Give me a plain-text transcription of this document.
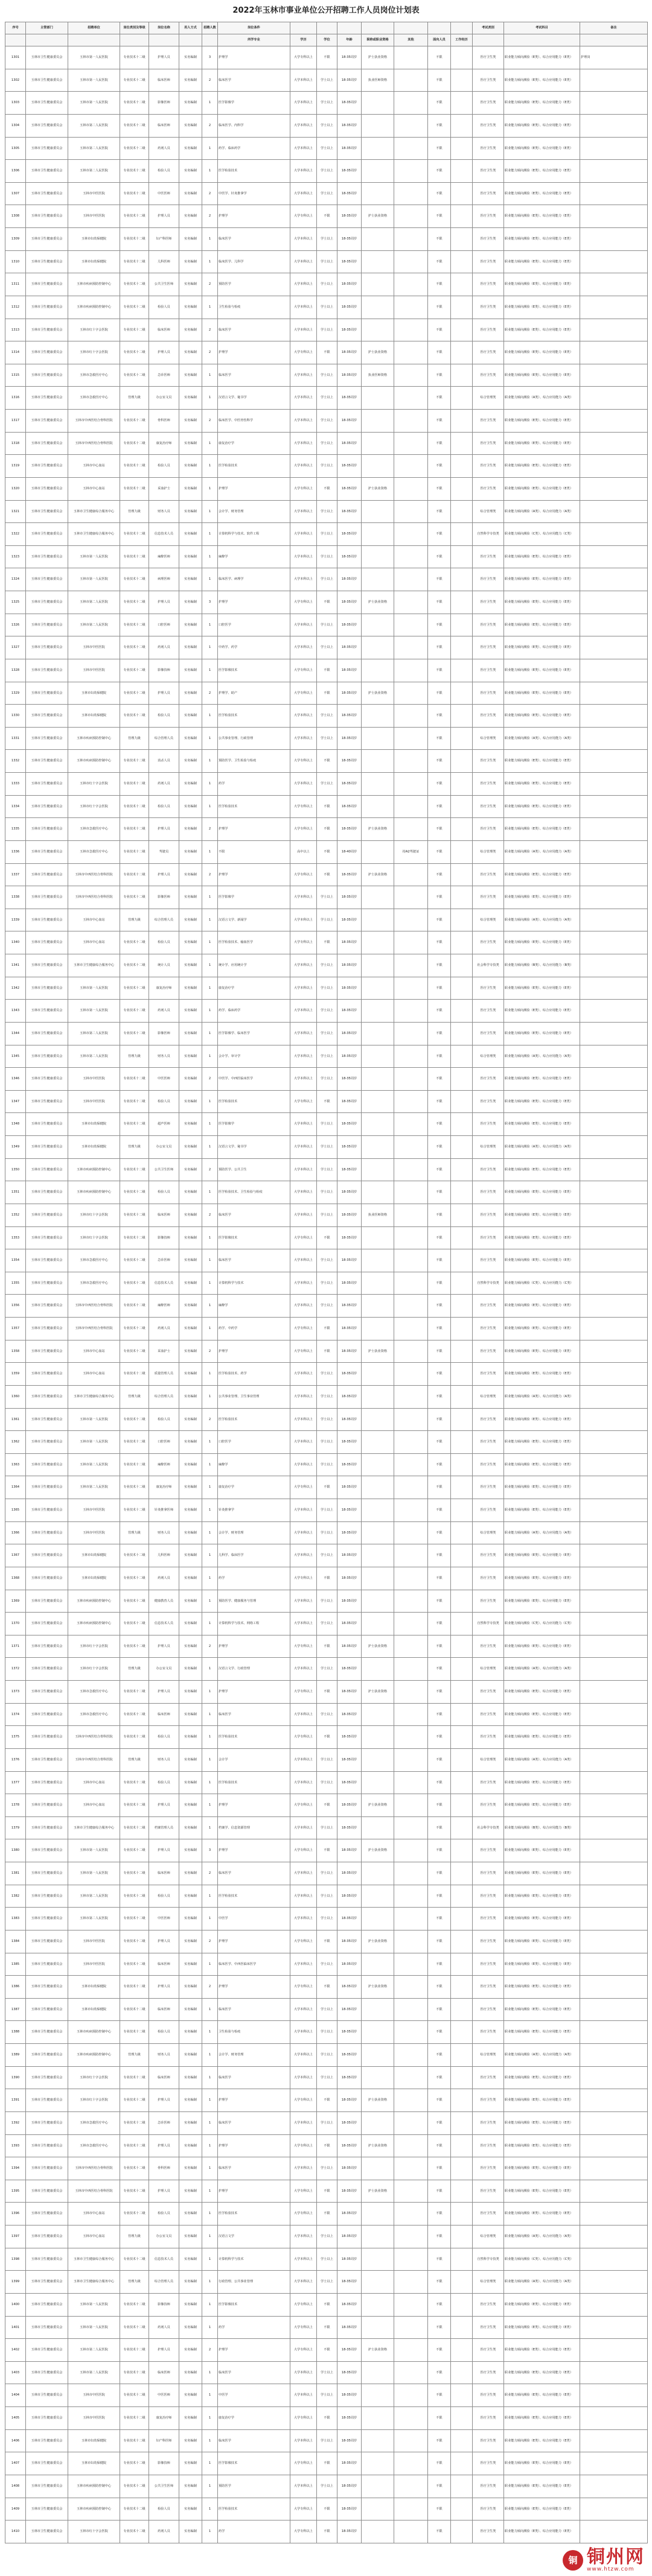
2022年玉林市事业单位公开招聘工作人员岗位计划表
序号	主管部门	招聘单位	岗位类别及等级	岗位名称	用人方式	招聘人数	岗位条件								考试类别	考试科目	备注
							所学专业	学历	学位	年龄	职称或职业资格	其他	面向人员	工作经历			
1301	玉林市卫生健康委员会	玉林市第一人民医院	专业技术十二级	护理人员	实名编制	3	护理学	大学专科以上	不限	18-35周岁	护士执业资格		不限		医疗卫生类	职业能力倾向测验（E类）、综合应用能力（E类）	护理岗
1302	玉林市卫生健康委员会	玉林市第一人民医院	专业技术十二级	临床医师	实名编制	2	临床医学	大学本科以上	学士以上	18-35周岁	执业医师资格		不限		医疗卫生类	职业能力倾向测验（E类）、综合应用能力（E类）	
1303	玉林市卫生健康委员会	玉林市第一人民医院	专业技术十二级	影像医师	实名编制	1	医学影像学	大学本科以上	学士以上	18-35周岁			不限		医疗卫生类	职业能力倾向测验（E类）、综合应用能力（E类）	
1304	玉林市卫生健康委员会	玉林市第二人民医院	专业技术十二级	临床医师	实名编制	2	临床医学、内科学	大学本科以上	学士以上	18-35周岁			不限		医疗卫生类	职业能力倾向测验（E类）、综合应用能力（E类）	
1305	玉林市卫生健康委员会	玉林市第二人民医院	专业技术十二级	药剂人员	实名编制	1	药学、临床药学	大学本科以上	学士以上	18-35周岁			不限		医疗卫生类	职业能力倾向测验（E类）、综合应用能力（E类）	
1306	玉林市卫生健康委员会	玉林市第二人民医院	专业技术十二级	检验人员	实名编制	1	医学检验技术	大学本科以上	学士以上	18-35周岁			不限		医疗卫生类	职业能力倾向测验（E类）、综合应用能力（E类）	
1307	玉林市卫生健康委员会	玉林市中医医院	专业技术十二级	中医医师	实名编制	2	中医学、针灸推拿学	大学本科以上	学士以上	18-35周岁			不限		医疗卫生类	职业能力倾向测验（E类）、综合应用能力（E类）	
1308	玉林市卫生健康委员会	玉林市中医医院	专业技术十二级	护理人员	实名编制	2	护理学	大学专科以上	不限	18-35周岁	护士执业资格		不限		医疗卫生类	职业能力倾向测验（E类）、综合应用能力（E类）	
1309	玉林市卫生健康委员会	玉林市妇幼保健院	专业技术十二级	妇产科医师	实名编制	1	临床医学	大学本科以上	学士以上	18-35周岁			不限		医疗卫生类	职业能力倾向测验（E类）、综合应用能力（E类）	
1310	玉林市卫生健康委员会	玉林市妇幼保健院	专业技术十二级	儿科医师	实名编制	1	临床医学、儿科学	大学本科以上	学士以上	18-35周岁			不限		医疗卫生类	职业能力倾向测验（E类）、综合应用能力（E类）	
1311	玉林市卫生健康委员会	玉林市疾病预防控制中心	专业技术十二级	公共卫生医师	实名编制	2	预防医学	大学本科以上	学士以上	18-35周岁			不限		医疗卫生类	职业能力倾向测验（E类）、综合应用能力（E类）	
1312	玉林市卫生健康委员会	玉林市疾病预防控制中心	专业技术十二级	检验人员	实名编制	1	卫生检验与检疫	大学本科以上	学士以上	18-35周岁			不限		医疗卫生类	职业能力倾向测验（E类）、综合应用能力（E类）	
1313	玉林市卫生健康委员会	玉林市红十字会医院	专业技术十二级	临床医师	实名编制	2	临床医学	大学本科以上	学士以上	18-35周岁			不限		医疗卫生类	职业能力倾向测验（E类）、综合应用能力（E类）	
1314	玉林市卫生健康委员会	玉林市红十字会医院	专业技术十二级	护理人员	实名编制	2	护理学	大学专科以上	不限	18-35周岁	护士执业资格		不限		医疗卫生类	职业能力倾向测验（E类）、综合应用能力（E类）	
1315	玉林市卫生健康委员会	玉林市急救医疗中心	专业技术十二级	急诊医师	实名编制	1	临床医学	大学本科以上	学士以上	18-35周岁	执业医师资格		不限		医疗卫生类	职业能力倾向测验（E类）、综合应用能力（E类）	
1316	玉林市卫生健康委员会	玉林市急救医疗中心	管理九级	办公室文员	实名编制	1	汉语言文学、秘书学	大学本科以上	学士以上	18-35周岁			不限		综合管理类	职业能力倾向测验（A类）、综合应用能力（A类）	
1317	玉林市卫生健康委员会	玉林市中西医结合骨科医院	专业技术十二级	骨科医师	实名编制	2	临床医学、中医骨伤科学	大学本科以上	学士以上	18-35周岁			不限		医疗卫生类	职业能力倾向测验（E类）、综合应用能力（E类）	
1318	玉林市卫生健康委员会	玉林市中西医结合骨科医院	专业技术十二级	康复治疗师	实名编制	1	康复治疗学	大学本科以上	学士以上	18-35周岁			不限		医疗卫生类	职业能力倾向测验（E类）、综合应用能力（E类）	
1319	玉林市卫生健康委员会	玉林市中心血站	专业技术十二级	检验人员	实名编制	1	医学检验技术	大学本科以上	学士以上	18-35周岁			不限		医疗卫生类	职业能力倾向测验（E类）、综合应用能力（E类）	
1320	玉林市卫生健康委员会	玉林市中心血站	专业技术十二级	采血护士	实名编制	1	护理学	大学专科以上	不限	18-35周岁	护士执业资格		不限		医疗卫生类	职业能力倾向测验（E类）、综合应用能力（E类）	
1321	玉林市卫生健康委员会	玉林市卫生健康综合服务中心	管理九级	财务人员	实名编制	1	会计学、财务管理	大学本科以上	学士以上	18-35周岁			不限		综合管理类	职业能力倾向测验（A类）、综合应用能力（A类）	
1322	玉林市卫生健康委员会	玉林市卫生健康综合服务中心	专业技术十二级	信息技术人员	实名编制	1	计算机科学与技术、软件工程	大学本科以上	学士以上	18-35周岁			不限		自然科学专技类	职业能力倾向测验（C类）、综合应用能力（C类）	
1323	玉林市卫生健康委员会	玉林市第一人民医院	专业技术十二级	麻醉医师	实名编制	1	麻醉学	大学本科以上	学士以上	18-35周岁			不限		医疗卫生类	职业能力倾向测验（E类）、综合应用能力（E类）	
1324	玉林市卫生健康委员会	玉林市第一人民医院	专业技术十二级	病理医师	实名编制	1	临床医学、病理学	大学本科以上	学士以上	18-35周岁			不限		医疗卫生类	职业能力倾向测验（E类）、综合应用能力（E类）	
1325	玉林市卫生健康委员会	玉林市第二人民医院	专业技术十二级	护理人员	实名编制	3	护理学	大学专科以上	不限	18-35周岁	护士执业资格		不限		医疗卫生类	职业能力倾向测验（E类）、综合应用能力（E类）	
1326	玉林市卫生健康委员会	玉林市第二人民医院	专业技术十二级	口腔医师	实名编制	1	口腔医学	大学本科以上	学士以上	18-35周岁			不限		医疗卫生类	职业能力倾向测验（E类）、综合应用能力（E类）	
1327	玉林市卫生健康委员会	玉林市中医医院	专业技术十二级	药剂人员	实名编制	1	中药学、药学	大学本科以上	学士以上	18-35周岁			不限		医疗卫生类	职业能力倾向测验（E类）、综合应用能力（E类）	
1328	玉林市卫生健康委员会	玉林市中医医院	专业技术十二级	影像技师	实名编制	1	医学影像技术	大学专科以上	不限	18-35周岁			不限		医疗卫生类	职业能力倾向测验（E类）、综合应用能力（E类）	
1329	玉林市卫生健康委员会	玉林市妇幼保健院	专业技术十二级	护理人员	实名编制	2	护理学、助产	大学专科以上	不限	18-35周岁	护士执业资格		不限		医疗卫生类	职业能力倾向测验（E类）、综合应用能力（E类）	
1330	玉林市卫生健康委员会	玉林市妇幼保健院	专业技术十二级	检验人员	实名编制	1	医学检验技术	大学本科以上	学士以上	18-35周岁			不限		医疗卫生类	职业能力倾向测验（E类）、综合应用能力（E类）	
1331	玉林市卫生健康委员会	玉林市疾病预防控制中心	管理九级	综合管理人员	实名编制	1	公共事业管理、行政管理	大学本科以上	学士以上	18-35周岁			不限		综合管理类	职业能力倾向测验（A类）、综合应用能力（A类）	
1332	玉林市卫生健康委员会	玉林市疾病预防控制中心	专业技术十二级	消杀人员	实名编制	1	预防医学、卫生检验与检疫	大学专科以上	不限	18-35周岁			不限		医疗卫生类	职业能力倾向测验（E类）、综合应用能力（E类）	
1333	玉林市卫生健康委员会	玉林市红十字会医院	专业技术十二级	药剂人员	实名编制	1	药学	大学本科以上	学士以上	18-35周岁			不限		医疗卫生类	职业能力倾向测验（E类）、综合应用能力（E类）	
1334	玉林市卫生健康委员会	玉林市红十字会医院	专业技术十二级	检验人员	实名编制	1	医学检验技术	大学专科以上	不限	18-35周岁			不限		医疗卫生类	职业能力倾向测验（E类）、综合应用能力（E类）	
1335	玉林市卫生健康委员会	玉林市急救医疗中心	专业技术十二级	护理人员	实名编制	2	护理学	大学专科以上	不限	18-35周岁	护士执业资格		不限		医疗卫生类	职业能力倾向测验（E类）、综合应用能力（E类）	
1336	玉林市卫生健康委员会	玉林市急救医疗中心	专业技术十二级	驾驶员	实名编制	1	不限	高中以上	不限	18-40周岁		持A2驾驶证	不限		综合管理类	职业能力倾向测验（A类）、综合应用能力（A类）	
1337	玉林市卫生健康委员会	玉林市中西医结合骨科医院	专业技术十二级	护理人员	实名编制	2	护理学	大学专科以上	不限	18-35周岁	护士执业资格		不限		医疗卫生类	职业能力倾向测验（E类）、综合应用能力（E类）	
1338	玉林市卫生健康委员会	玉林市中西医结合骨科医院	专业技术十二级	影像医师	实名编制	1	医学影像学	大学本科以上	学士以上	18-35周岁			不限		医疗卫生类	职业能力倾向测验（E类）、综合应用能力（E类）	
1339	玉林市卫生健康委员会	玉林市中心血站	管理九级	综合管理人员	实名编制	1	汉语言文学、新闻学	大学本科以上	学士以上	18-35周岁			不限		综合管理类	职业能力倾向测验（A类）、综合应用能力（A类）	
1340	玉林市卫生健康委员会	玉林市中心血站	专业技术十二级	检验人员	实名编制	1	医学检验技术、输血医学	大学专科以上	不限	18-35周岁			不限		医疗卫生类	职业能力倾向测验（E类）、综合应用能力（E类）	
1341	玉林市卫生健康委员会	玉林市卫生健康综合服务中心	专业技术十二级	统计人员	实名编制	1	统计学、应用统计学	大学本科以上	学士以上	18-35周岁			不限		社会科学专技类	职业能力倾向测验（B类）、综合应用能力（B类）	
1342	玉林市卫生健康委员会	玉林市第一人民医院	专业技术十二级	康复治疗师	实名编制	1	康复治疗学	大学本科以上	学士以上	18-35周岁			不限		医疗卫生类	职业能力倾向测验（E类）、综合应用能力（E类）	
1343	玉林市卫生健康委员会	玉林市第一人民医院	专业技术十二级	药剂人员	实名编制	1	药学、临床药学	大学本科以上	学士以上	18-35周岁			不限		医疗卫生类	职业能力倾向测验（E类）、综合应用能力（E类）	
1344	玉林市卫生健康委员会	玉林市第二人民医院	专业技术十二级	影像医师	实名编制	1	医学影像学、临床医学	大学本科以上	学士以上	18-35周岁			不限		医疗卫生类	职业能力倾向测验（E类）、综合应用能力（E类）	
1345	玉林市卫生健康委员会	玉林市第二人民医院	管理九级	财务人员	实名编制	1	会计学、审计学	大学本科以上	学士以上	18-35周岁			不限		综合管理类	职业能力倾向测验（A类）、综合应用能力（A类）	
1346	玉林市卫生健康委员会	玉林市中医医院	专业技术十二级	中医医师	实名编制	2	中医学、中西医临床医学	大学本科以上	学士以上	18-35周岁			不限		医疗卫生类	职业能力倾向测验（E类）、综合应用能力（E类）	
1347	玉林市卫生健康委员会	玉林市中医医院	专业技术十二级	检验人员	实名编制	1	医学检验技术	大学专科以上	不限	18-35周岁			不限		医疗卫生类	职业能力倾向测验（E类）、综合应用能力（E类）	
1348	玉林市卫生健康委员会	玉林市妇幼保健院	专业技术十二级	超声医师	实名编制	1	医学影像学	大学本科以上	学士以上	18-35周岁			不限		医疗卫生类	职业能力倾向测验（E类）、综合应用能力（E类）	
1349	玉林市卫生健康委员会	玉林市妇幼保健院	管理九级	办公室文员	实名编制	1	汉语言文学、秘书学	大学本科以上	学士以上	18-35周岁			不限		综合管理类	职业能力倾向测验（A类）、综合应用能力（A类）	
1350	玉林市卫生健康委员会	玉林市疾病预防控制中心	专业技术十二级	公共卫生医师	实名编制	2	预防医学、公共卫生	大学本科以上	学士以上	18-35周岁			不限		医疗卫生类	职业能力倾向测验（E类）、综合应用能力（E类）	
1351	玉林市卫生健康委员会	玉林市疾病预防控制中心	专业技术十二级	检验人员	实名编制	1	医学检验技术、卫生检验与检疫	大学本科以上	学士以上	18-35周岁			不限		医疗卫生类	职业能力倾向测验（E类）、综合应用能力（E类）	
1352	玉林市卫生健康委员会	玉林市红十字会医院	专业技术十二级	临床医师	实名编制	2	临床医学	大学本科以上	学士以上	18-35周岁	执业医师资格		不限		医疗卫生类	职业能力倾向测验（E类）、综合应用能力（E类）	
1353	玉林市卫生健康委员会	玉林市红十字会医院	专业技术十二级	影像技师	实名编制	1	医学影像技术	大学专科以上	不限	18-35周岁			不限		医疗卫生类	职业能力倾向测验（E类）、综合应用能力（E类）	
1354	玉林市卫生健康委员会	玉林市急救医疗中心	专业技术十二级	急诊医师	实名编制	1	临床医学	大学本科以上	学士以上	18-35周岁			不限		医疗卫生类	职业能力倾向测验（E类）、综合应用能力（E类）	
1355	玉林市卫生健康委员会	玉林市急救医疗中心	专业技术十二级	信息技术人员	实名编制	1	计算机科学与技术	大学本科以上	学士以上	18-35周岁			不限		自然科学专技类	职业能力倾向测验（C类）、综合应用能力（C类）	
1356	玉林市卫生健康委员会	玉林市中西医结合骨科医院	专业技术十二级	麻醉医师	实名编制	1	麻醉学	大学本科以上	学士以上	18-35周岁			不限		医疗卫生类	职业能力倾向测验（E类）、综合应用能力（E类）	
1357	玉林市卫生健康委员会	玉林市中西医结合骨科医院	专业技术十二级	药剂人员	实名编制	1	药学、中药学	大学专科以上	不限	18-35周岁			不限		医疗卫生类	职业能力倾向测验（E类）、综合应用能力（E类）	
1358	玉林市卫生健康委员会	玉林市中心血站	专业技术十二级	采血护士	实名编制	2	护理学	大学专科以上	不限	18-35周岁	护士执业资格		不限		医疗卫生类	职业能力倾向测验（E类）、综合应用能力（E类）	
1359	玉林市卫生健康委员会	玉林市中心血站	专业技术十二级	质量管理人员	实名编制	1	医学检验技术、药学	大学本科以上	学士以上	18-35周岁			不限		医疗卫生类	职业能力倾向测验（E类）、综合应用能力（E类）	
1360	玉林市卫生健康委员会	玉林市卫生健康综合服务中心	管理九级	综合管理人员	实名编制	1	公共事业管理、卫生事业管理	大学本科以上	学士以上	18-35周岁			不限		综合管理类	职业能力倾向测验（A类）、综合应用能力（A类）	
1361	玉林市卫生健康委员会	玉林市第一人民医院	专业技术十二级	检验人员	实名编制	2	医学检验技术	大学本科以上	学士以上	18-35周岁			不限		医疗卫生类	职业能力倾向测验（E类）、综合应用能力（E类）	
1362	玉林市卫生健康委员会	玉林市第一人民医院	专业技术十二级	口腔医师	实名编制	1	口腔医学	大学本科以上	学士以上	18-35周岁			不限		医疗卫生类	职业能力倾向测验（E类）、综合应用能力（E类）	
1363	玉林市卫生健康委员会	玉林市第二人民医院	专业技术十二级	麻醉医师	实名编制	1	麻醉学	大学本科以上	学士以上	18-35周岁			不限		医疗卫生类	职业能力倾向测验（E类）、综合应用能力（E类）	
1364	玉林市卫生健康委员会	玉林市第二人民医院	专业技术十二级	康复治疗师	实名编制	1	康复治疗学	大学专科以上	不限	18-35周岁			不限		医疗卫生类	职业能力倾向测验（E类）、综合应用能力（E类）	
1365	玉林市卫生健康委员会	玉林市中医医院	专业技术十二级	针灸推拿医师	实名编制	1	针灸推拿学	大学本科以上	学士以上	18-35周岁			不限		医疗卫生类	职业能力倾向测验（E类）、综合应用能力（E类）	
1366	玉林市卫生健康委员会	玉林市中医医院	管理九级	财务人员	实名编制	1	会计学、财务管理	大学本科以上	学士以上	18-35周岁			不限		综合管理类	职业能力倾向测验（A类）、综合应用能力（A类）	
1367	玉林市卫生健康委员会	玉林市妇幼保健院	专业技术十二级	儿科医师	实名编制	1	儿科学、临床医学	大学本科以上	学士以上	18-35周岁			不限		医疗卫生类	职业能力倾向测验（E类）、综合应用能力（E类）	
1368	玉林市卫生健康委员会	玉林市妇幼保健院	专业技术十二级	药剂人员	实名编制	1	药学	大学专科以上	不限	18-35周岁			不限		医疗卫生类	职业能力倾向测验（E类）、综合应用能力（E类）	
1369	玉林市卫生健康委员会	玉林市疾病预防控制中心	专业技术十二级	健康教育人员	实名编制	1	预防医学、健康服务与管理	大学本科以上	学士以上	18-35周岁			不限		医疗卫生类	职业能力倾向测验（E类）、综合应用能力（E类）	
1370	玉林市卫生健康委员会	玉林市疾病预防控制中心	专业技术十二级	信息技术人员	实名编制	1	计算机科学与技术、网络工程	大学本科以上	学士以上	18-35周岁			不限		自然科学专技类	职业能力倾向测验（C类）、综合应用能力（C类）	
1371	玉林市卫生健康委员会	玉林市红十字会医院	专业技术十二级	护理人员	实名编制	2	护理学	大学专科以上	不限	18-35周岁	护士执业资格		不限		医疗卫生类	职业能力倾向测验（E类）、综合应用能力（E类）	
1372	玉林市卫生健康委员会	玉林市红十字会医院	管理九级	办公室文员	实名编制	1	汉语言文学、行政管理	大学本科以上	学士以上	18-35周岁			不限		综合管理类	职业能力倾向测验（A类）、综合应用能力（A类）	
1373	玉林市卫生健康委员会	玉林市急救医疗中心	专业技术十二级	护理人员	实名编制	1	护理学	大学专科以上	不限	18-35周岁	护士执业资格		不限		医疗卫生类	职业能力倾向测验（E类）、综合应用能力（E类）	
1374	玉林市卫生健康委员会	玉林市急救医疗中心	专业技术十二级	临床医师	实名编制	1	临床医学	大学本科以上	学士以上	18-35周岁			不限		医疗卫生类	职业能力倾向测验（E类）、综合应用能力（E类）	
1375	玉林市卫生健康委员会	玉林市中西医结合骨科医院	专业技术十二级	检验人员	实名编制	1	医学检验技术	大学专科以上	不限	18-35周岁			不限		医疗卫生类	职业能力倾向测验（E类）、综合应用能力（E类）	
1376	玉林市卫生健康委员会	玉林市中西医结合骨科医院	管理九级	财务人员	实名编制	1	会计学	大学本科以上	学士以上	18-35周岁			不限		综合管理类	职业能力倾向测验（A类）、综合应用能力（A类）	
1377	玉林市卫生健康委员会	玉林市中心血站	专业技术十二级	检验人员	实名编制	1	医学检验技术	大学本科以上	学士以上	18-35周岁			不限		医疗卫生类	职业能力倾向测验（E类）、综合应用能力（E类）	
1378	玉林市卫生健康委员会	玉林市中心血站	专业技术十二级	护理人员	实名编制	1	护理学	大学专科以上	不限	18-35周岁	护士执业资格		不限		医疗卫生类	职业能力倾向测验（E类）、综合应用能力（E类）	
1379	玉林市卫生健康委员会	玉林市卫生健康综合服务中心	专业技术十二级	档案管理人员	实名编制	1	档案学、信息资源管理	大学本科以上	学士以上	18-35周岁			不限		社会科学专技类	职业能力倾向测验（B类）、综合应用能力（B类）	
1380	玉林市卫生健康委员会	玉林市第一人民医院	专业技术十二级	护理人员	实名编制	3	护理学	大学专科以上	不限	18-35周岁	护士执业资格		不限		医疗卫生类	职业能力倾向测验（E类）、综合应用能力（E类）	
1381	玉林市卫生健康委员会	玉林市第一人民医院	专业技术十二级	临床医师	实名编制	2	临床医学	大学本科以上	学士以上	18-35周岁			不限		医疗卫生类	职业能力倾向测验（E类）、综合应用能力（E类）	
1382	玉林市卫生健康委员会	玉林市第二人民医院	专业技术十二级	检验人员	实名编制	1	医学检验技术	大学本科以上	学士以上	18-35周岁			不限		医疗卫生类	职业能力倾向测验（E类）、综合应用能力（E类）	
1383	玉林市卫生健康委员会	玉林市第二人民医院	专业技术十二级	中医医师	实名编制	1	中医学	大学本科以上	学士以上	18-35周岁			不限		医疗卫生类	职业能力倾向测验（E类）、综合应用能力（E类）	
1384	玉林市卫生健康委员会	玉林市中医医院	专业技术十二级	护理人员	实名编制	2	护理学	大学专科以上	不限	18-35周岁	护士执业资格		不限		医疗卫生类	职业能力倾向测验（E类）、综合应用能力（E类）	
1385	玉林市卫生健康委员会	玉林市中医医院	专业技术十二级	临床医师	实名编制	1	临床医学、中西医临床医学	大学本科以上	学士以上	18-35周岁			不限		医疗卫生类	职业能力倾向测验（E类）、综合应用能力（E类）	
1386	玉林市卫生健康委员会	玉林市妇幼保健院	专业技术十二级	护理人员	实名编制	2	护理学	大学专科以上	不限	18-35周岁	护士执业资格		不限		医疗卫生类	职业能力倾向测验（E类）、综合应用能力（E类）	
1387	玉林市卫生健康委员会	玉林市妇幼保健院	专业技术十二级	临床医师	实名编制	1	临床医学	大学本科以上	学士以上	18-35周岁			不限		医疗卫生类	职业能力倾向测验（E类）、综合应用能力（E类）	
1388	玉林市卫生健康委员会	玉林市疾病预防控制中心	专业技术十二级	检验人员	实名编制	1	卫生检验与检疫	大学本科以上	学士以上	18-35周岁			不限		医疗卫生类	职业能力倾向测验（E类）、综合应用能力（E类）	
1389	玉林市卫生健康委员会	玉林市疾病预防控制中心	管理九级	财务人员	实名编制	1	会计学、财务管理	大学本科以上	学士以上	18-35周岁			不限		综合管理类	职业能力倾向测验（A类）、综合应用能力（A类）	
1390	玉林市卫生健康委员会	玉林市红十字会医院	专业技术十二级	临床医师	实名编制	1	临床医学	大学本科以上	学士以上	18-35周岁			不限		医疗卫生类	职业能力倾向测验（E类）、综合应用能力（E类）	
1391	玉林市卫生健康委员会	玉林市红十字会医院	专业技术十二级	护理人员	实名编制	1	护理学	大学专科以上	不限	18-35周岁	护士执业资格		不限		医疗卫生类	职业能力倾向测验（E类）、综合应用能力（E类）	
1392	玉林市卫生健康委员会	玉林市急救医疗中心	专业技术十二级	急诊医师	实名编制	1	临床医学	大学本科以上	学士以上	18-35周岁			不限		医疗卫生类	职业能力倾向测验（E类）、综合应用能力（E类）	
1393	玉林市卫生健康委员会	玉林市急救医疗中心	专业技术十二级	护理人员	实名编制	1	护理学	大学专科以上	不限	18-35周岁	护士执业资格		不限		医疗卫生类	职业能力倾向测验（E类）、综合应用能力（E类）	
1394	玉林市卫生健康委员会	玉林市中西医结合骨科医院	专业技术十二级	骨科医师	实名编制	1	临床医学	大学本科以上	学士以上	18-35周岁			不限		医疗卫生类	职业能力倾向测验（E类）、综合应用能力（E类）	
1395	玉林市卫生健康委员会	玉林市中西医结合骨科医院	专业技术十二级	护理人员	实名编制	1	护理学	大学专科以上	不限	18-35周岁	护士执业资格		不限		医疗卫生类	职业能力倾向测验（E类）、综合应用能力（E类）	
1396	玉林市卫生健康委员会	玉林市中心血站	专业技术十二级	检验人员	实名编制	1	医学检验技术	大学专科以上	不限	18-35周岁			不限		医疗卫生类	职业能力倾向测验（E类）、综合应用能力（E类）	
1397	玉林市卫生健康委员会	玉林市中心血站	管理九级	办公室文员	实名编制	1	汉语言文学	大学本科以上	学士以上	18-35周岁			不限		综合管理类	职业能力倾向测验（A类）、综合应用能力（A类）	
1398	玉林市卫生健康委员会	玉林市卫生健康综合服务中心	专业技术十二级	信息技术人员	实名编制	1	计算机科学与技术	大学本科以上	学士以上	18-35周岁			不限		自然科学专技类	职业能力倾向测验（C类）、综合应用能力（C类）	
1399	玉林市卫生健康委员会	玉林市卫生健康综合服务中心	管理九级	综合管理人员	实名编制	1	行政管理、公共事业管理	大学本科以上	学士以上	18-35周岁			不限		综合管理类	职业能力倾向测验（A类）、综合应用能力（A类）	
1400	玉林市卫生健康委员会	玉林市第一人民医院	专业技术十二级	影像技师	实名编制	1	医学影像技术	大学专科以上	不限	18-35周岁			不限		医疗卫生类	职业能力倾向测验（E类）、综合应用能力（E类）	
1401	玉林市卫生健康委员会	玉林市第一人民医院	专业技术十二级	药剂人员	实名编制	1	药学	大学专科以上	不限	18-35周岁			不限		医疗卫生类	职业能力倾向测验（E类）、综合应用能力（E类）	
1402	玉林市卫生健康委员会	玉林市第二人民医院	专业技术十二级	护理人员	实名编制	2	护理学	大学专科以上	不限	18-35周岁	护士执业资格		不限		医疗卫生类	职业能力倾向测验（E类）、综合应用能力（E类）	
1403	玉林市卫生健康委员会	玉林市第二人民医院	专业技术十二级	临床医师	实名编制	1	临床医学	大学本科以上	学士以上	18-35周岁			不限		医疗卫生类	职业能力倾向测验（E类）、综合应用能力（E类）	
1404	玉林市卫生健康委员会	玉林市中医医院	专业技术十二级	中医医师	实名编制	1	中医学	大学本科以上	学士以上	18-35周岁			不限		医疗卫生类	职业能力倾向测验（E类）、综合应用能力（E类）	
1405	玉林市卫生健康委员会	玉林市中医医院	专业技术十二级	康复治疗师	实名编制	1	康复治疗学	大学专科以上	不限	18-35周岁			不限		医疗卫生类	职业能力倾向测验（E类）、综合应用能力（E类）	
1406	玉林市卫生健康委员会	玉林市妇幼保健院	专业技术十二级	妇产科医师	实名编制	1	临床医学	大学本科以上	学士以上	18-35周岁			不限		医疗卫生类	职业能力倾向测验（E类）、综合应用能力（E类）	
1407	玉林市卫生健康委员会	玉林市妇幼保健院	专业技术十二级	影像技师	实名编制	1	医学影像技术	大学专科以上	不限	18-35周岁			不限		医疗卫生类	职业能力倾向测验（E类）、综合应用能力（E类）	
1408	玉林市卫生健康委员会	玉林市疾病预防控制中心	专业技术十二级	公共卫生医师	实名编制	1	预防医学	大学本科以上	学士以上	18-35周岁			不限		医疗卫生类	职业能力倾向测验（E类）、综合应用能力（E类）	
1409	玉林市卫生健康委员会	玉林市疾病预防控制中心	专业技术十二级	检验人员	实名编制	1	医学检验技术	大学专科以上	不限	18-35周岁			不限		医疗卫生类	职业能力倾向测验（E类）、综合应用能力（E类）	
1410	玉林市卫生健康委员会	玉林市红十字会医院	专业技术十二级	药剂人员	实名编制	1	药学	大学专科以上	不限	18-35周岁			不限		医疗卫生类	职业能力倾向测验（E类）、综合应用能力（E类）	
铜 铜州网
www.htzw.com
